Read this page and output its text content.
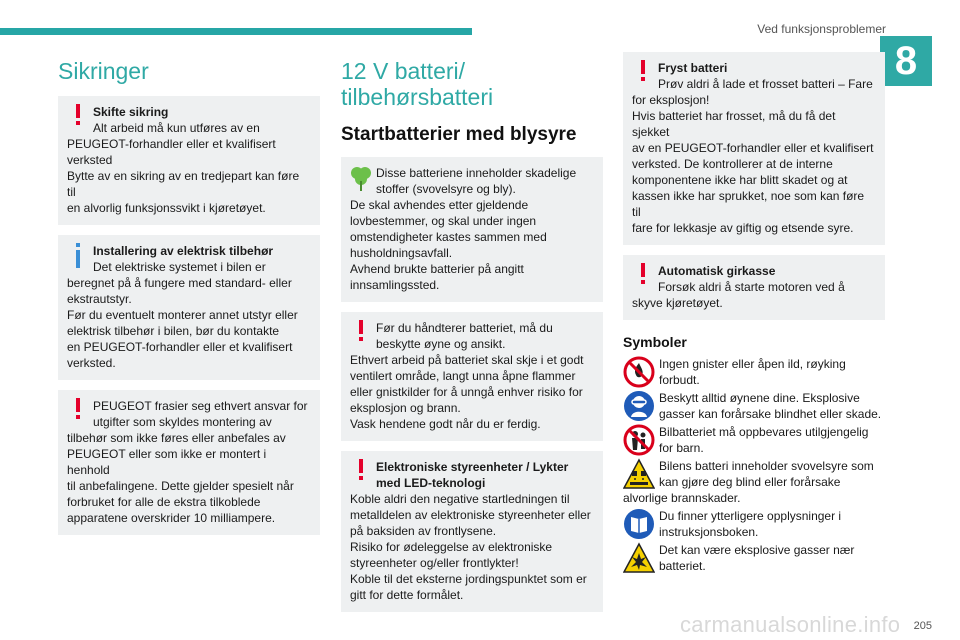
Ved funksjonsproblemer
8
Sikringer
Skifte sikring

Alt arbeid må kun utføres av en

PEUGEOT-forhandler eller et kvalifisert

verksted

Bytte av en sikring av en tredjepart kan føre til

en alvorlig funksjonssvikt i kjøretøyet.

Installering av elektrisk tilbehør

Det elektriske systemet i bilen er

beregnet på å fungere med standard- eller

ekstrautstyr.

Før du eventuelt monterer annet utstyr eller

elektrisk tilbehør i bilen, bør du kontakte

en PEUGEOT-forhandler eller et kvalifisert

verksted.

PEUGEOT frasier seg ethvert ansvar for

utgifter som skyldes montering av

tilbehør som ikke føres eller anbefales av

PEUGEOT eller som ikke er montert i henhold

til anbefalingene. Dette gjelder spesielt når

forbruket for alle de ekstra tilkoblede

apparatene overskrider 10 milliampere.

12 V batteri/
tilbehørsbatteri
Startbatterier med blysyre

Disse batteriene inneholder skadelige

stoffer (svovelsyre og bly).

De skal avhendes etter gjeldende

lovbestemmer, og skal under ingen

omstendigheter kastes sammen med

husholdningsavfall.

Avhend brukte batterier på angitt

innsamlingssted.

Før du håndterer batteriet, må du

beskytte øyne og ansikt.

Ethvert arbeid på batteriet skal skje i et godt

ventilert område, langt unna åpne flammer

eller gnistkilder for å unngå enhver risiko for

eksplosjon og brann.

Vask hendene godt når du er ferdig.

Elektroniske styreenheter / Lykter
med LED-teknologi

Koble aldri den negative startledningen til

metalldelen av elektroniske styreenheter eller

på baksiden av frontlysene.

Risiko for ødeleggelse av elektroniske

styreenheter og/eller frontlykter!

Koble til det eksterne jordingspunktet som er

gitt for dette formålet.

Fryst batteri

Prøv aldri å lade et frosset batteri – Fare

for eksplosjon!

Hvis batteriet har frosset, må du få det sjekket

av en PEUGEOT-forhandler eller et kvalifisert

verksted. De kontrollerer at de interne

komponentene ikke har blitt skadet og at

kassen ikke har sprukket, noe som kan føre til

fare for lekkasje av giftig og etsende syre.

Automatisk girkasse

Forsøk aldri å starte motoren ved å

skyve kjøretøyet.

Symboler
Ingen gnister eller åpen ild, røyking
forbudt.
Beskytt alltid øynene dine. Eksplosive
gasser kan forårsake blindhet eller skade.
Bilbatteriet må oppbevares utilgjengelig
for barn.
Bilens batteri inneholder svovelsyre som
kan gjøre deg blind eller forårsake
alvorlige brannskader.
Du finner ytterligere opplysninger i
instruksjonsboken.
Det kan være eksplosive gasser nær
batteriet.
carmanualsonline.info 205
